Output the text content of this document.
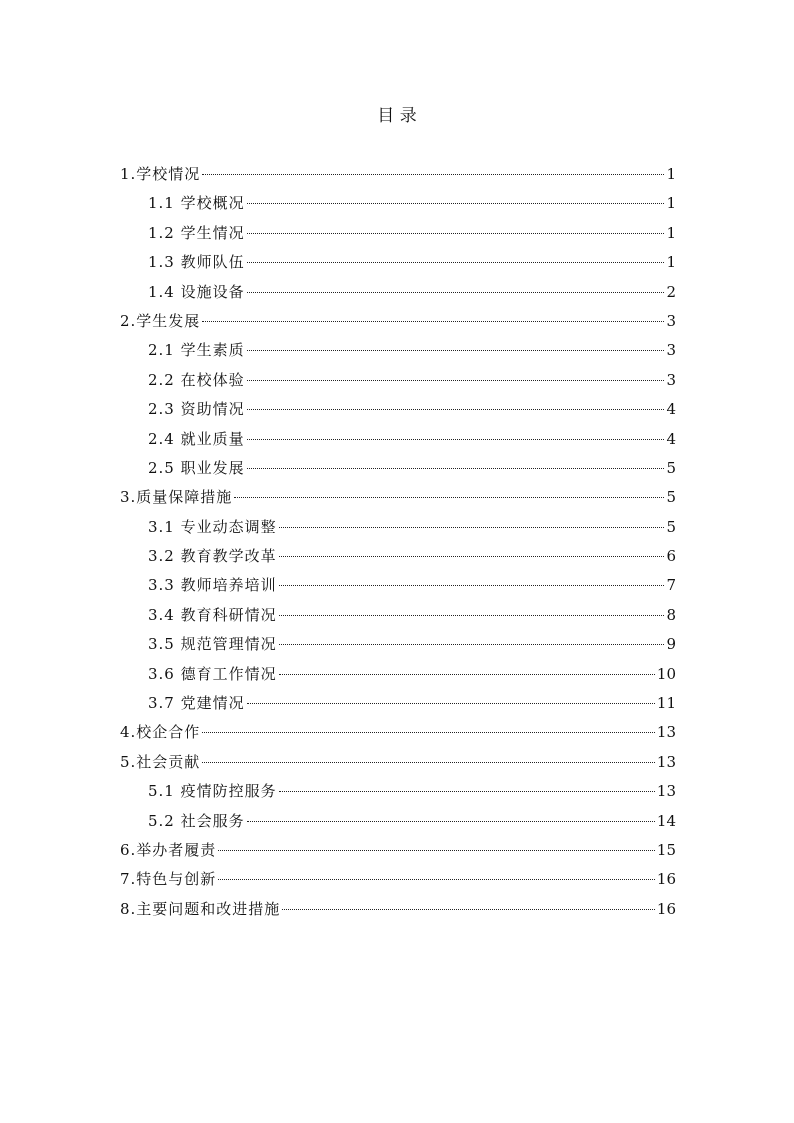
目 录
1.学校情况	1
1.1 学校概况	1
1.2 学生情况	1
1.3 教师队伍	1
1.4 设施设备	2
2.学生发展	3
2.1 学生素质	3
2.2 在校体验	3
2.3 资助情况	4
2.4 就业质量	4
2.5 职业发展	5
3.质量保障措施	5
3.1 专业动态调整	5
3.2 教育教学改革	6
3.3 教师培养培训	7
3.4 教育科研情况	8
3.5 规范管理情况	9
3.6 德育工作情况	10
3.7 党建情况	11
4.校企合作	13
5.社会贡献	13
5.1 疫情防控服务	13
5.2 社会服务	14
6.举办者履责	15
7.特色与创新	16
8.主要问题和改进措施	16
